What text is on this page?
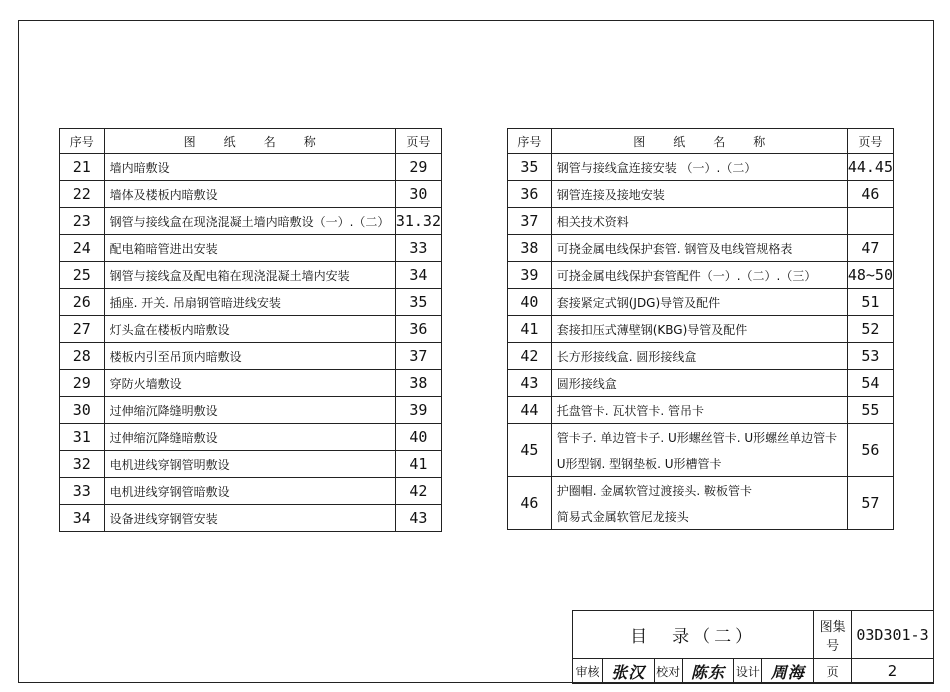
序号	图 纸 名 称	页号
21	墙内暗敷设	29
22	墙体及楼板内暗敷设	30
23	钢管与接线盒在现浇混凝土墙内暗敷设（一）.（二）	31.32
24	配电箱暗管进出安装	33
25	钢管与接线盒及配电箱在现浇混凝土墙内安装	34
26	插座. 开关. 吊扇钢管暗进线安装	35
27	灯头盒在楼板内暗敷设	36
28	楼板内引至吊顶内暗敷设	37
29	穿防火墙敷设	38
30	过伸缩沉降缝明敷设	39
31	过伸缩沉降缝暗敷设	40
32	电机进线穿钢管明敷设	41
33	电机进线穿钢管暗敷设	42
34	设备进线穿钢管安装	43
序号	图 纸 名 称	页号
35	钢管与接线盒连接安装 （一）.（二）	44.45
36	钢管连接及接地安装	46
37	相关技术资料	
38	可挠金属电线保护套管. 钢管及电线管规格表	47
39	可挠金属电线保护套管配件（一）.（二）.（三）	48~50
40	套接紧定式钢(JDG)导管及配件	51
41	套接扣压式薄壁钢(KBG)导管及配件	52
42	长方形接线盒. 圆形接线盒	53
43	圆形接线盒	54
44	托盘管卡. 瓦状管卡. 管吊卡	55
45	管卡子. 单边管卡子. U形螺丝管卡. U形螺丝单边管卡	56
	U形型钢. 型钢垫板. U形槽管卡	
46	护圈帽. 金属软管过渡接头. 鞍板管卡	57
	简易式金属软管尼龙接头	
目　录（二）						图集号	03D301-3
审核	张汉	校对	陈东	设计	周海	页	2
